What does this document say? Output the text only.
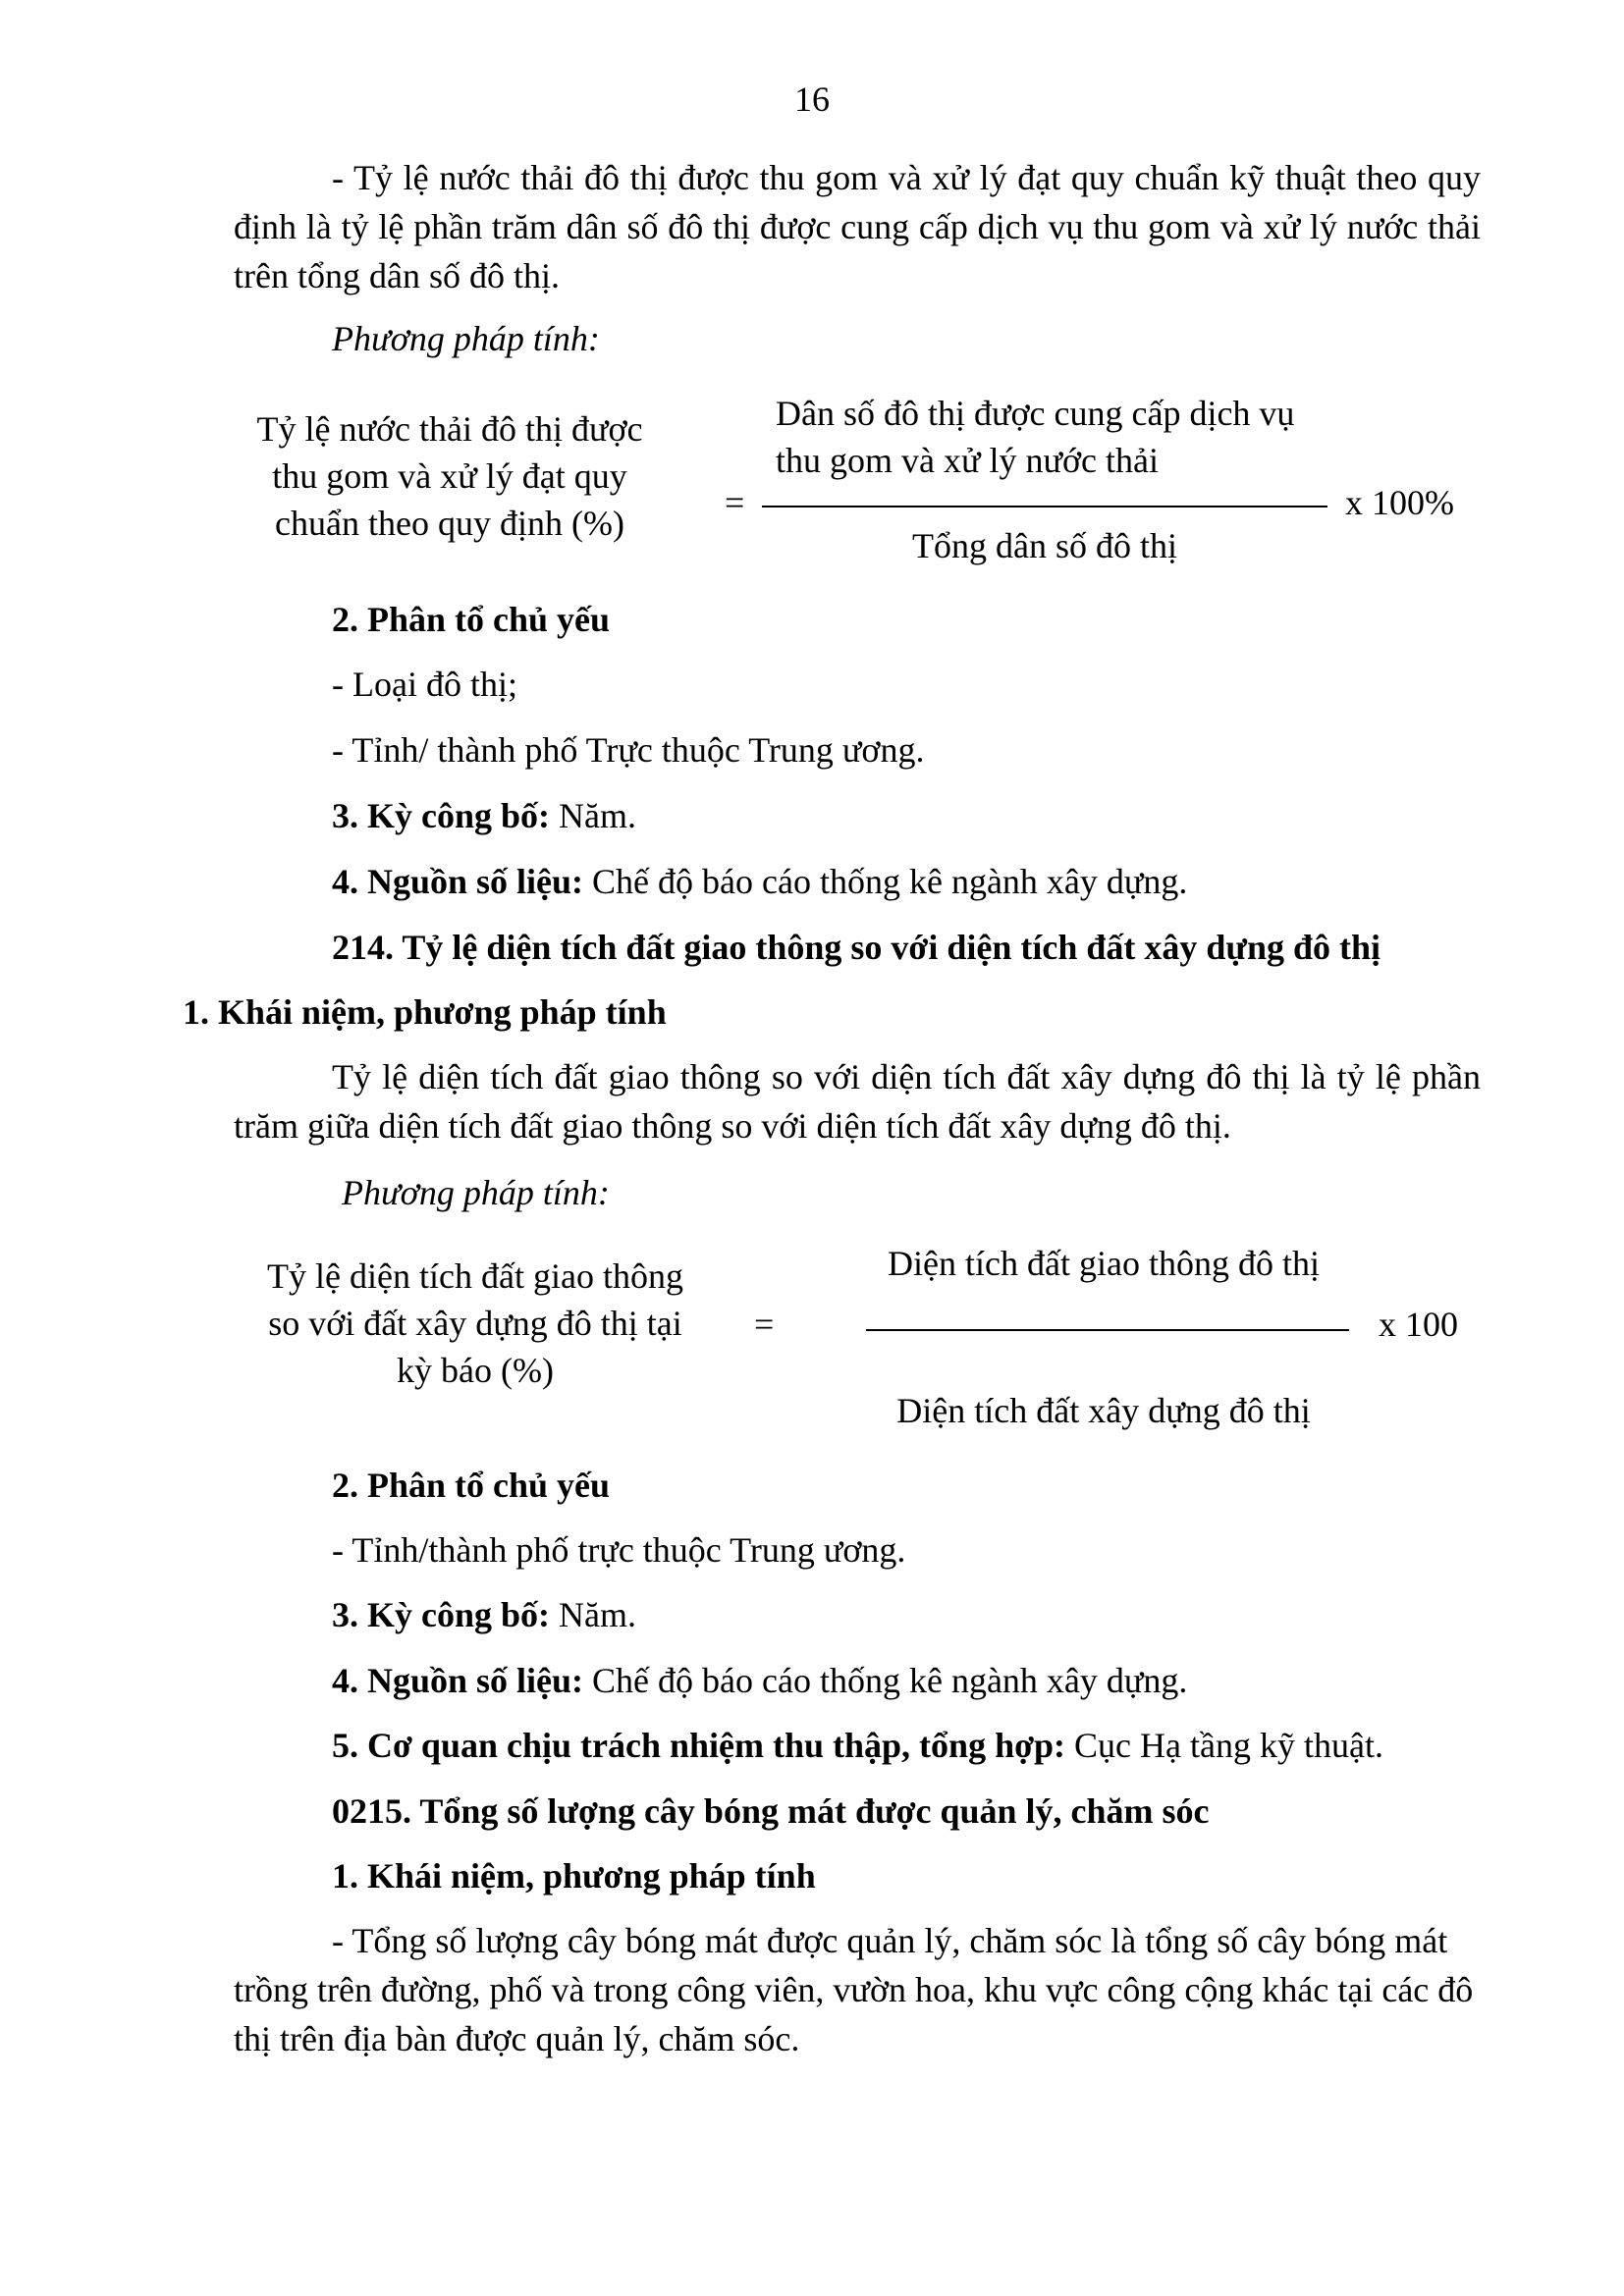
16

- Tỷ lệ nước thải đô thị được thu gom và xử lý đạt quy chuẩn kỹ thuật theo quy định là tỷ lệ phần trăm dân số đô thị được cung cấp dịch vụ thu gom và xử lý nước thải trên tổng dân số đô thị.

Phương pháp tính:
Tỷ lệ nước thải đô thị được thu gom và xử lý đạt quy chuẩn theo quy định (%)
=
Dân số đô thị được cung cấp dịch vụ thu gom và xử lý nước thải
Tổng dân số đô thị
x 100%
2. Phân tổ chủ yếu
- Loại đô thị;
- Tỉnh/ thành phố Trực thuộc Trung ương.
3. Kỳ công bố: Năm.
4. Nguồn số liệu: Chế độ báo cáo thống kê ngành xây dựng.
214. Tỷ lệ diện tích đất giao thông so với diện tích đất xây dựng đô thị
1. Khái niệm, phương pháp tính

Tỷ lệ diện tích đất giao thông so với diện tích đất xây dựng đô thị là tỷ lệ phần trăm giữa diện tích đất giao thông so với diện tích đất xây dựng đô thị.

Phương pháp tính:
Tỷ lệ diện tích đất giao thông so với đất xây dựng đô thị tại kỳ báo (%)
=
Diện tích đất giao thông đô thị
Diện tích đất xây dựng đô thị
x 100
2. Phân tổ chủ yếu
- Tỉnh/thành phố trực thuộc Trung ương.
3. Kỳ công bố: Năm.
4. Nguồn số liệu: Chế độ báo cáo thống kê ngành xây dựng.
5. Cơ quan chịu trách nhiệm thu thập, tổng hợp: Cục Hạ tầng kỹ thuật.
0215. Tổng số lượng cây bóng mát được quản lý, chăm sóc
1. Khái niệm, phương pháp tính

- Tổng số lượng cây bóng mát được quản lý, chăm sóc là tổng số cây bóng mát trồng trên đường, phố và trong công viên, vườn hoa, khu vực công cộng khác tại các đô thị trên địa bàn được quản lý, chăm sóc.
